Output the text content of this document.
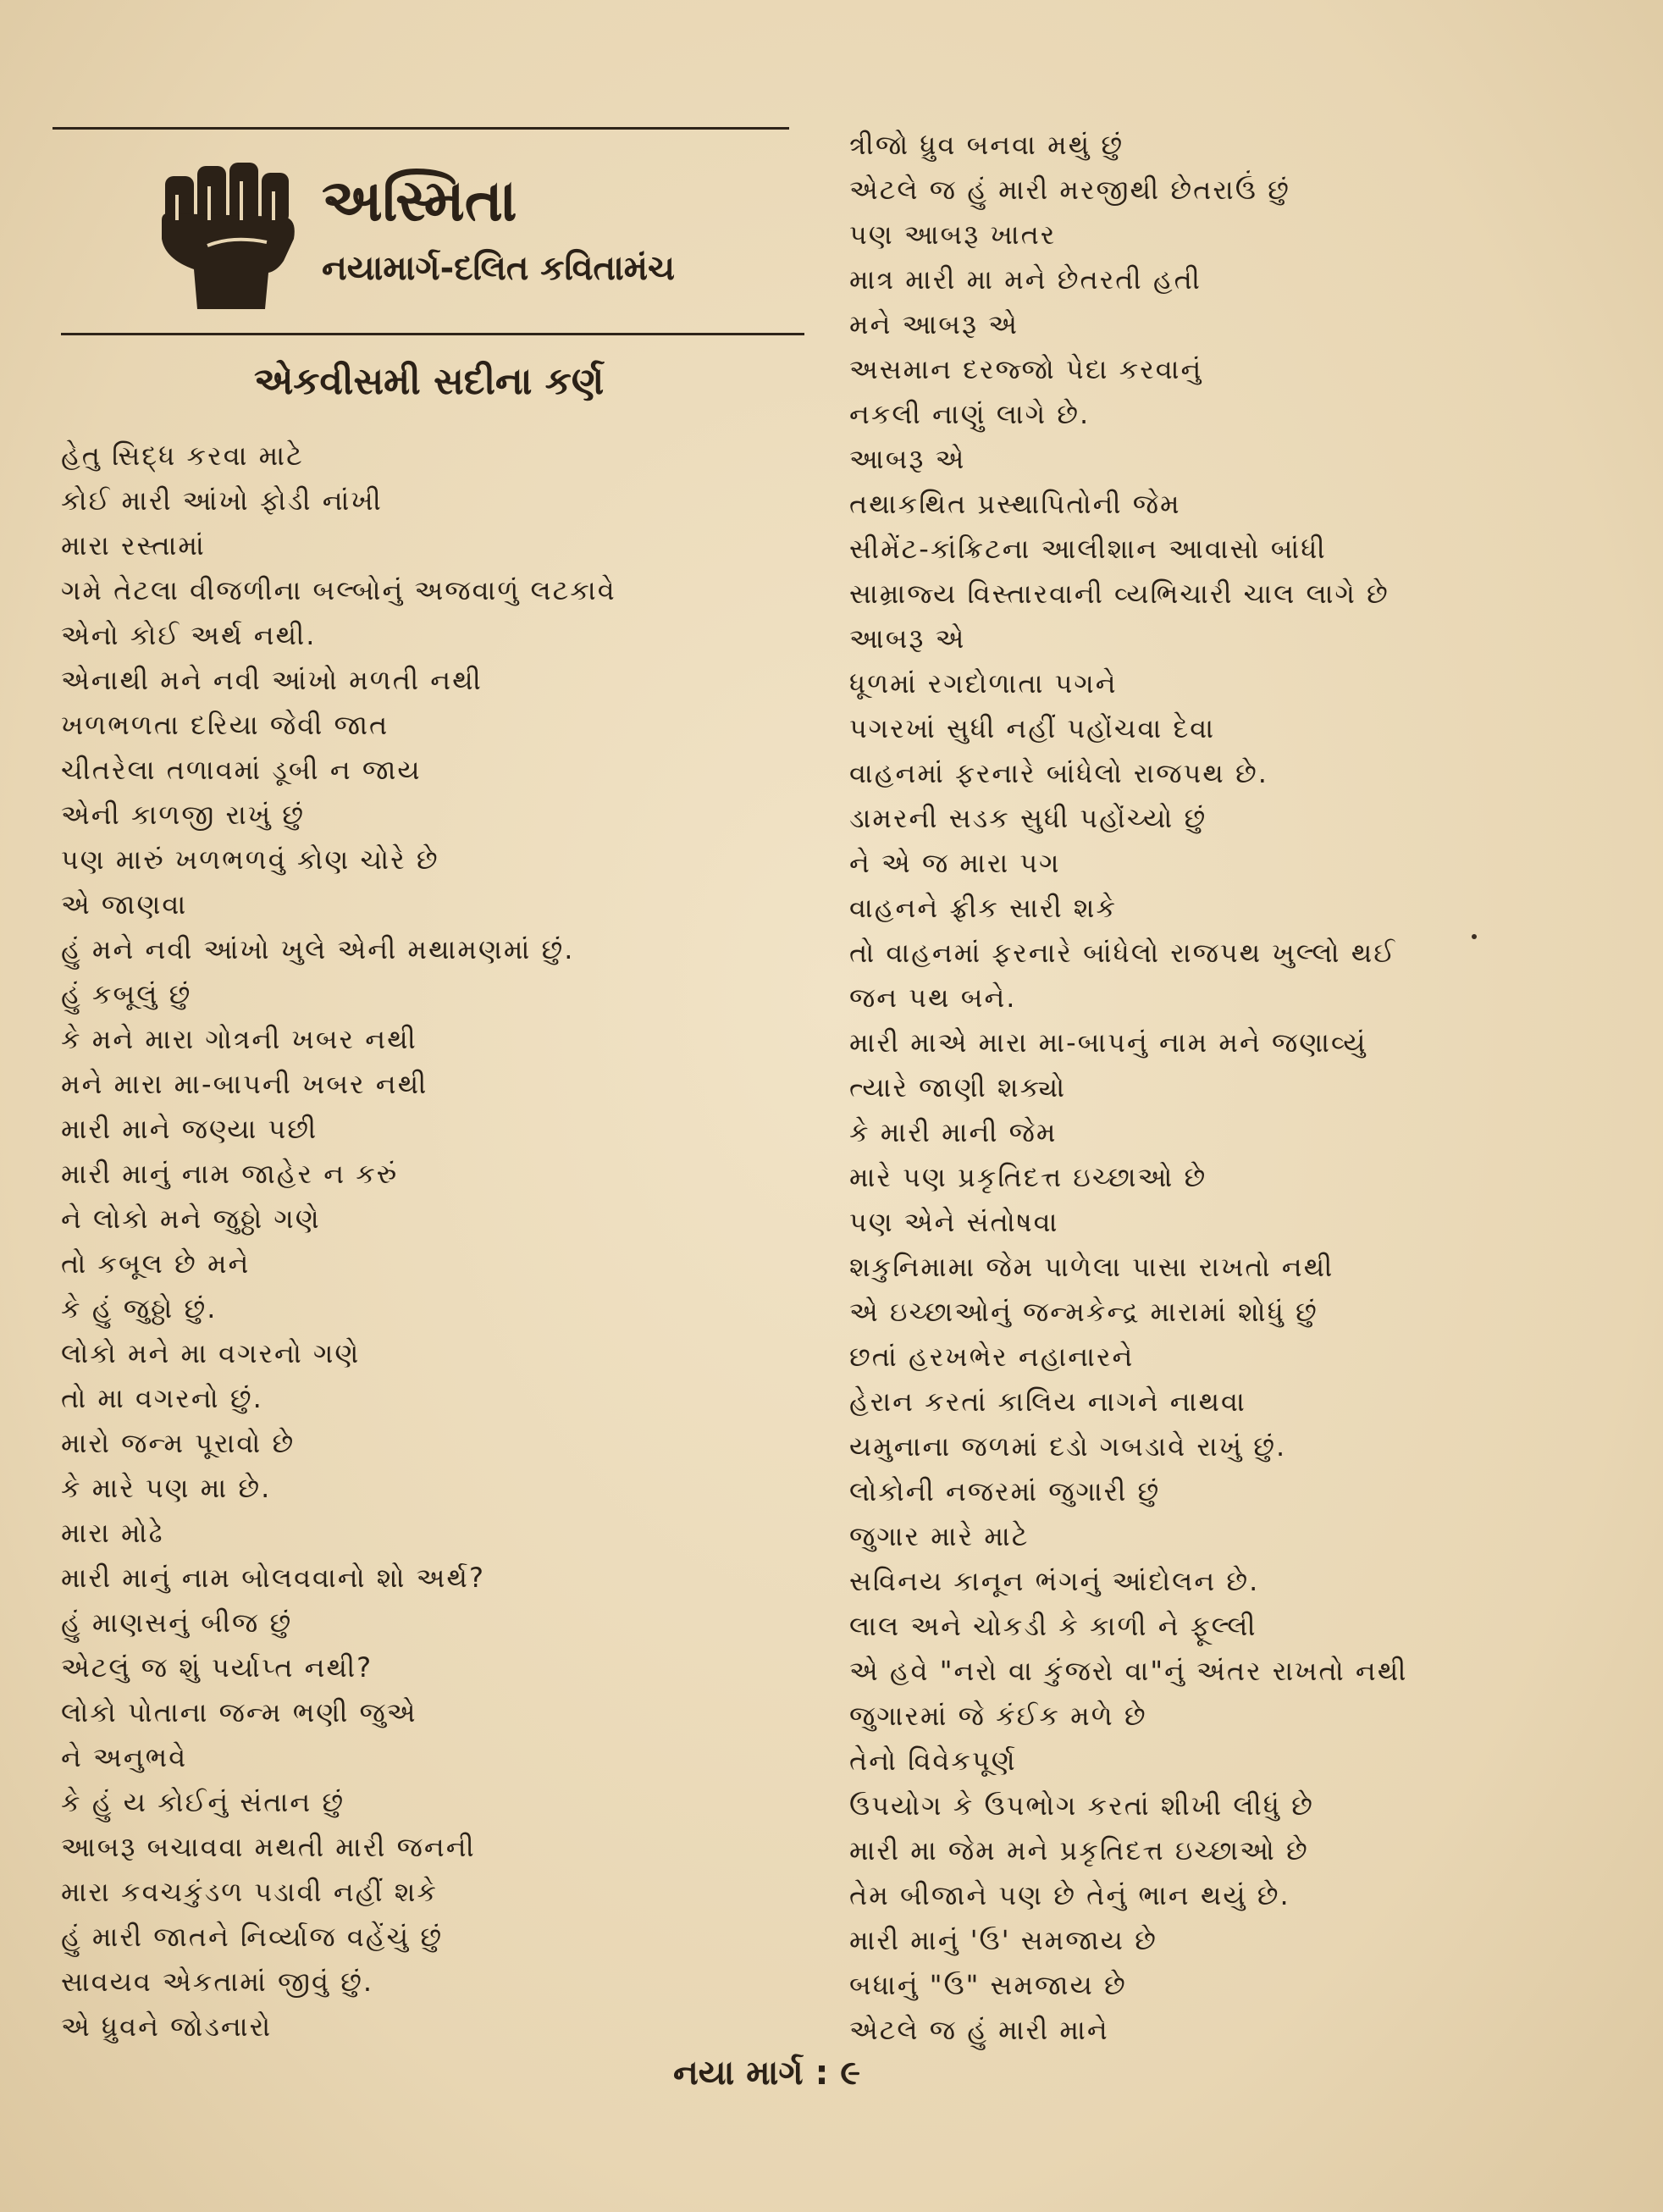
અસ્મિતા
નયામાર્ગ-દલિત કવિતામંચ
એકવીસમી સદીના કર્ણ
હેતુ સિદ્ધ કરવા માટે
કોઈ મારી આંખો ફોડી નાંખી
મારા રસ્તામાં
ગમે તેટલા વીજળીના બલ્બોનું અજવાળું લટકાવે
એનો કોઈ અર્થ નથી.
એનાથી મને નવી આંખો મળતી નથી
ખળભળતા દરિયા જેવી જાત
ચીતરેલા તળાવમાં ડૂબી ન જાય
એની કાળજી રાખું છું
પણ મારું ખળભળવું કોણ ચોરે છે
એ જાણવા
હું મને નવી આંખો ખુલે એની મથામણમાં છું.
હું કબૂલું છું
કે મને મારા ગોત્રની ખબર નથી
મને મારા મા-બાપની ખબર નથી
મારી માને જણ્યા પછી
મારી માનું નામ જાહેર ન કરું
ને લોકો મને જુઠ્ઠો ગણે
તો કબૂલ છે મને
કે હું જુઠ્ઠો છું.
લોકો મને મા વગરનો ગણે
તો મા વગરનો છું.
મારો જન્મ પૂરાવો છે
કે મારે પણ મા છે.
મારા મોઢે
મારી માનું નામ બોલવવાનો શો અર્થ?
હું માણસનું બીજ છું
એટલું જ શું પર્યાપ્ત નથી?
લોકો પોતાના જન્મ ભણી જુએ
ને અનુભવે
કે હું ય કોઈનું સંતાન છું
આબરૂ બચાવવા મથતી મારી જનની
મારા કવચકુંડળ પડાવી નહીં શકે
હું મારી જાતને નિર્વ્યાજ વહેંચું છું
સાવયવ એકતામાં જીવું છું.
એ ધ્રુવને જોડનારો
ત્રીજો ધ્રુવ બનવા મથું છું
એટલે જ હું મારી મરજીથી છેતરાઉં છું
પણ આબરૂ ખાતર
માત્ર મારી મા મને છેતરતી હતી
મને આબરૂ એ
અસમાન દરજ્જો પેદા કરવાનું
નકલી નાણું લાગે છે.
આબરૂ એ
તથાકથિત પ્રસ્થાપિતોની જેમ
સીમેંટ-કાંક્રિટના આલીશાન આવાસો બાંધી
સામ્રાજ્ય વિસ્તારવાની વ્યભિચારી ચાલ લાગે છે
આબરૂ એ
ધૂળમાં રગદોળાતા પગને
પગરખાં સુધી નહીં પહોંચવા દેવા
વાહનમાં ફરનારે બાંધેલો રાજપથ છે.
ડામરની સડક સુધી પહોંચ્યો છું
ને એ જ મારા પગ
વાહનને ફ્રીક સારી શકે
તો વાહનમાં ફરનારે બાંધેલો રાજપથ ખુલ્લો થઈ
જન પથ બને.
મારી માએ મારા મા-બાપનું નામ મને જણાવ્યું
ત્યારે જાણી શક્યો
કે મારી માની જેમ
મારે પણ પ્રકૃતિદત્ત ઇચ્છાઓ છે
પણ એને સંતોષવા
શકુનિમામા જેમ પાળેલા પાસા રાખતો નથી
એ ઇચ્છાઓનું જન્મકેન્દ્ર મારામાં શોધું છું
છતાં હરખભેર નહાનારને
હેરાન કરતાં કાલિય નાગને નાથવા
યમુનાના જળમાં દડો ગબડાવે રાખું છું.
લોકોની નજરમાં જુગારી છું
જુગાર મારે માટે
સવિનય કાનૂન ભંગનું આંદોલન છે.
લાલ અને ચોકડી કે કાળી ને ફૂલ્લી
એ હવે "નરો વા કુંજરો વા"નું અંતર રાખતો નથી
જુગારમાં જે કંઈક મળે છે
તેનો વિવેકપૂર્ણ
ઉપયોગ કે ઉપભોગ કરતાં શીખી લીધું છે
મારી મા જેમ મને પ્રકૃતિદત્ત ઇચ્છાઓ છે
તેમ બીજાને પણ છે તેનું ભાન થયું છે.
મારી માનું 'ઉ' સમજાય છે
બધાનું "ઉ" સમજાય છે
એટલે જ હું મારી માને
નયા માર્ગ : ૯
